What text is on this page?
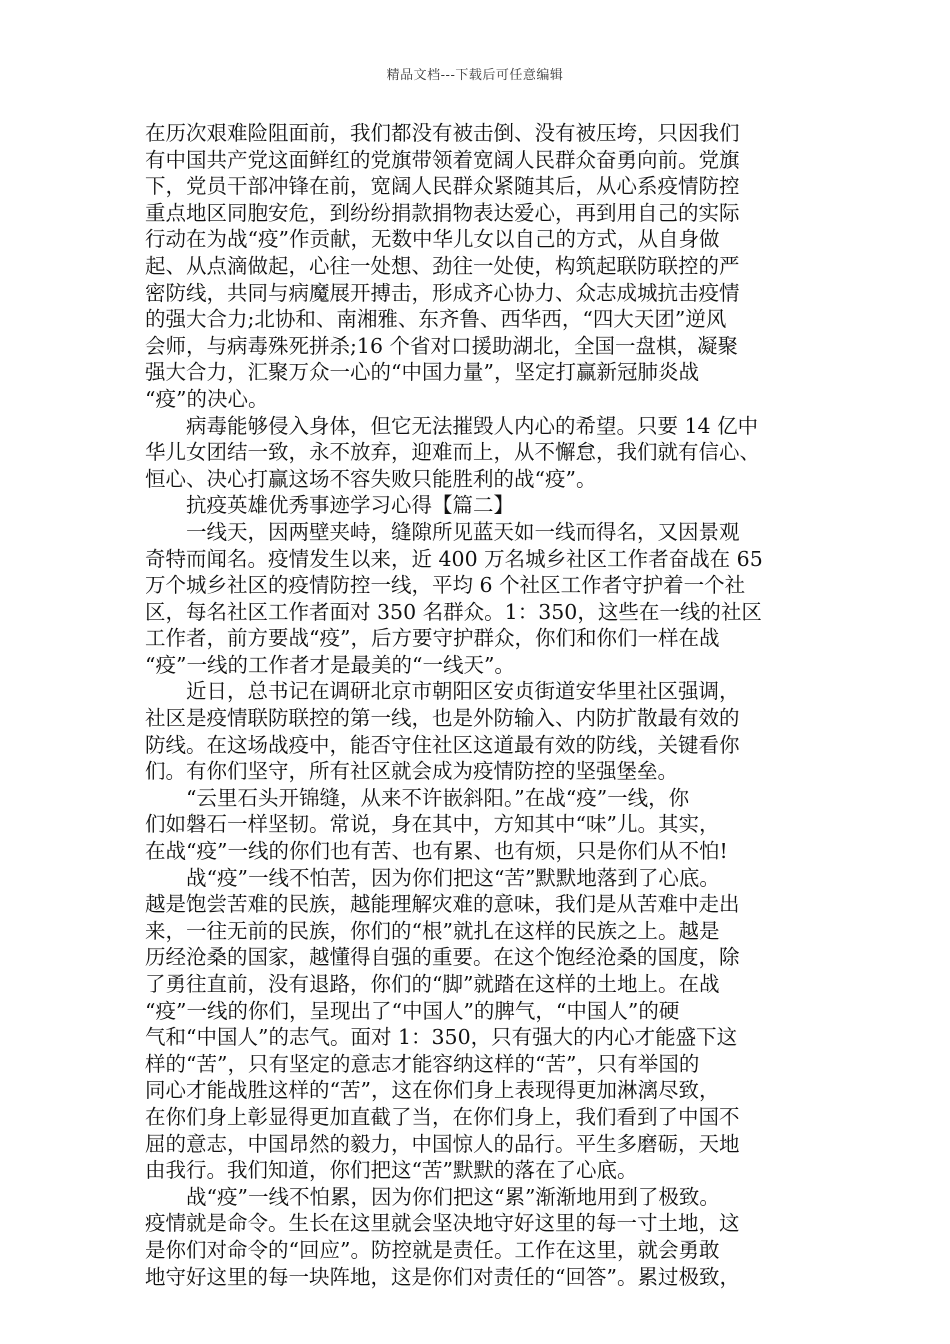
精品文档---下载后可任意编辑
在历次艰难险阻面前，我们都没有被击倒、没有被压垮，只因我们
有中国共产党这面鲜红的党旗带领着宽阔人民群众奋勇向前。党旗
下，党员干部冲锋在前，宽阔人民群众紧随其后，从心系疫情防控
重点地区同胞安危，到纷纷捐款捐物表达爱心，再到用自己的实际
行动在为战“疫”作贡献，无数中华儿女以自己的方式，从自身做
起、从点滴做起，心往一处想、劲往一处使，构筑起联防联控的严
密防线，共同与病魔展开搏击，形成齐心协力、众志成城抗击疫情
的强大合力;北协和、南湘雅、东齐鲁、西华西，“四大天团”逆风
会师，与病毒殊死拼杀;16 个省对口援助湖北，全国一盘棋，凝聚
强大合力，汇聚万众一心的“中国力量”，坚定打赢新冠肺炎战
“疫”的决心。
病毒能够侵入身体，但它无法摧毁人内心的希望。只要 14 亿中
华儿女团结一致，永不放弃，迎难而上，从不懈怠，我们就有信心、
恒心、决心打赢这场不容失败只能胜利的战“疫”。
抗疫英雄优秀事迹学习心得【篇二】
一线天，因两壁夹峙，缝隙所见蓝天如一线而得名，又因景观
奇特而闻名。疫情发生以来，近 400 万名城乡社区工作者奋战在 65
万个城乡社区的疫情防控一线，平均 6 个社区工作者守护着一个社
区，每名社区工作者面对 350 名群众。1：350，这些在一线的社区
工作者，前方要战“疫”，后方要守护群众，你们和你们一样在战
“疫”一线的工作者才是最美的“一线天”。
近日，总书记在调研北京市朝阳区安贞街道安华里社区强调，
社区是疫情联防联控的第一线，也是外防输入、内防扩散最有效的
防线。在这场战疫中，能否守住社区这道最有效的防线，关键看你
们。有你们坚守，所有社区就会成为疫情防控的坚强堡垒。
“云里石头开锦缝，从来不许嵌斜阳。”在战“疫”一线，你
们如磐石一样坚韧。常说，身在其中，方知其中“味”儿。其实，
在战“疫”一线的你们也有苦、也有累、也有烦，只是你们从不怕!
战“疫”一线不怕苦，因为你们把这“苦”默默地落到了心底。
越是饱尝苦难的民族，越能理解灾难的意味，我们是从苦难中走出
来，一往无前的民族，你们的“根”就扎在这样的民族之上。越是
历经沧桑的国家，越懂得自强的重要。在这个饱经沧桑的国度，除
了勇往直前，没有退路，你们的“脚”就踏在这样的土地上。在战
“疫”一线的你们，呈现出了“中国人”的脾气，“中国人”的硬
气和“中国人”的志气。面对 1：350，只有强大的内心才能盛下这
样的“苦”，只有坚定的意志才能容纳这样的“苦”，只有举国的
同心才能战胜这样的“苦”，这在你们身上表现得更加淋漓尽致，
在你们身上彰显得更加直截了当，在你们身上，我们看到了中国不
屈的意志，中国昂然的毅力，中国惊人的品行。平生多磨砺，天地
由我行。我们知道，你们把这“苦”默默的落在了心底。
战“疫”一线不怕累，因为你们把这“累”渐渐地用到了极致。
疫情就是命令。生长在这里就会坚决地守好这里的每一寸土地，这
是你们对命令的“回应”。防控就是责任。工作在这里，就会勇敢
地守好这里的每一块阵地，这是你们对责任的“回答”。累过极致，
